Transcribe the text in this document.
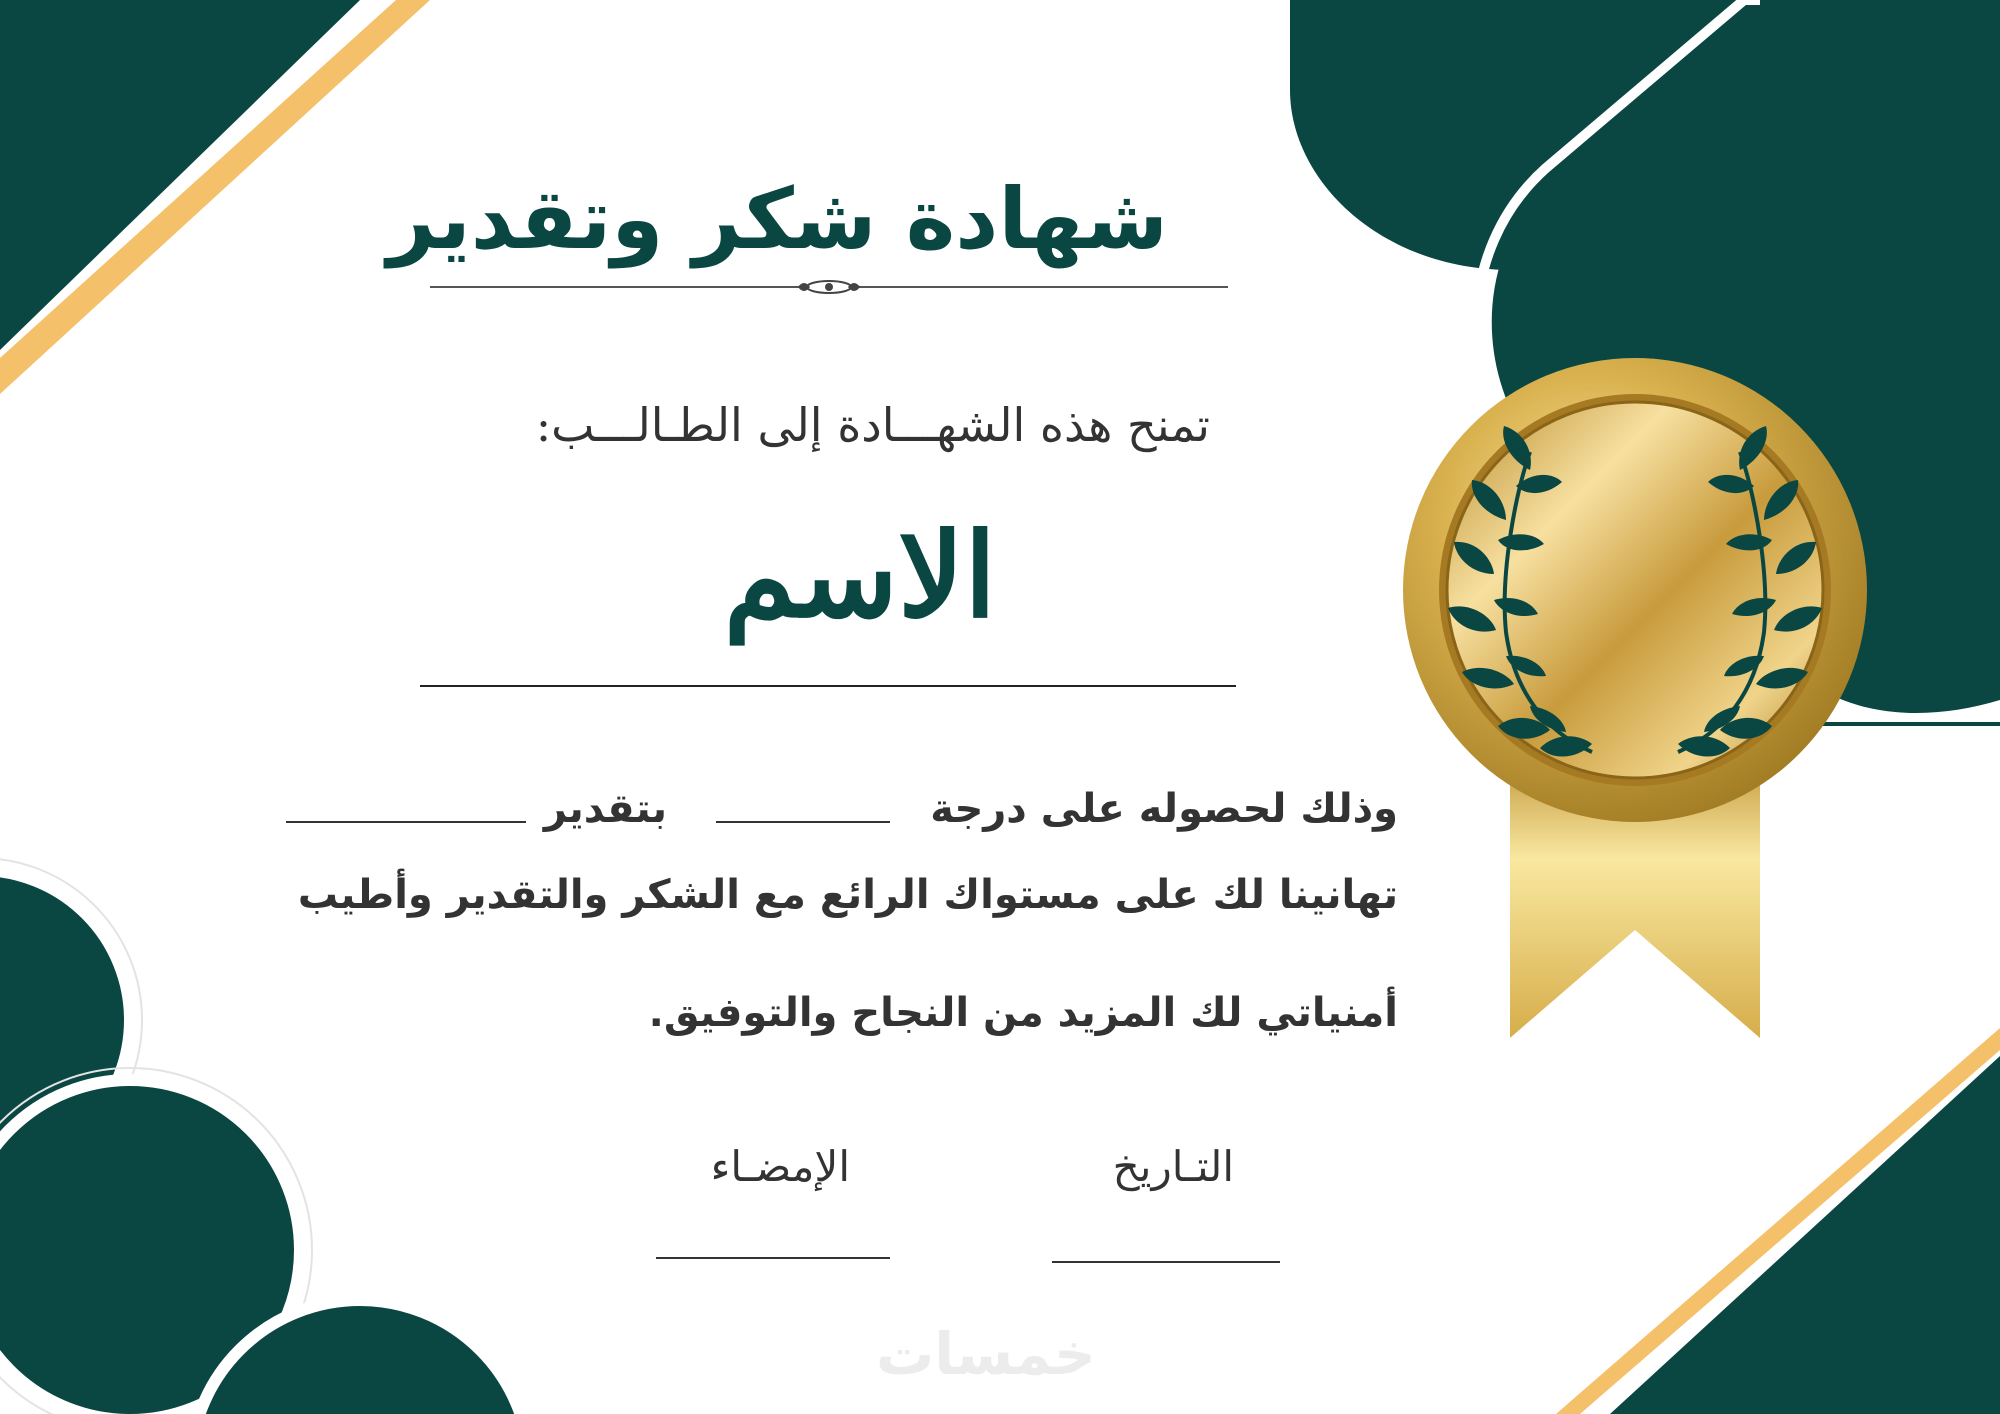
شهادة شكر وتقدير
تمنح هذه الشهـــادة إلى الطـالـــب:
الاسم
وذلك لحصوله على درجة
بتقدير
تهانينا لك على مستواك الرائع مع الشكر والتقدير وأطيب
أمنياتي لك المزيد من النجاح والتوفيق.
التـاريخ
الإمضـاء
خمسات
